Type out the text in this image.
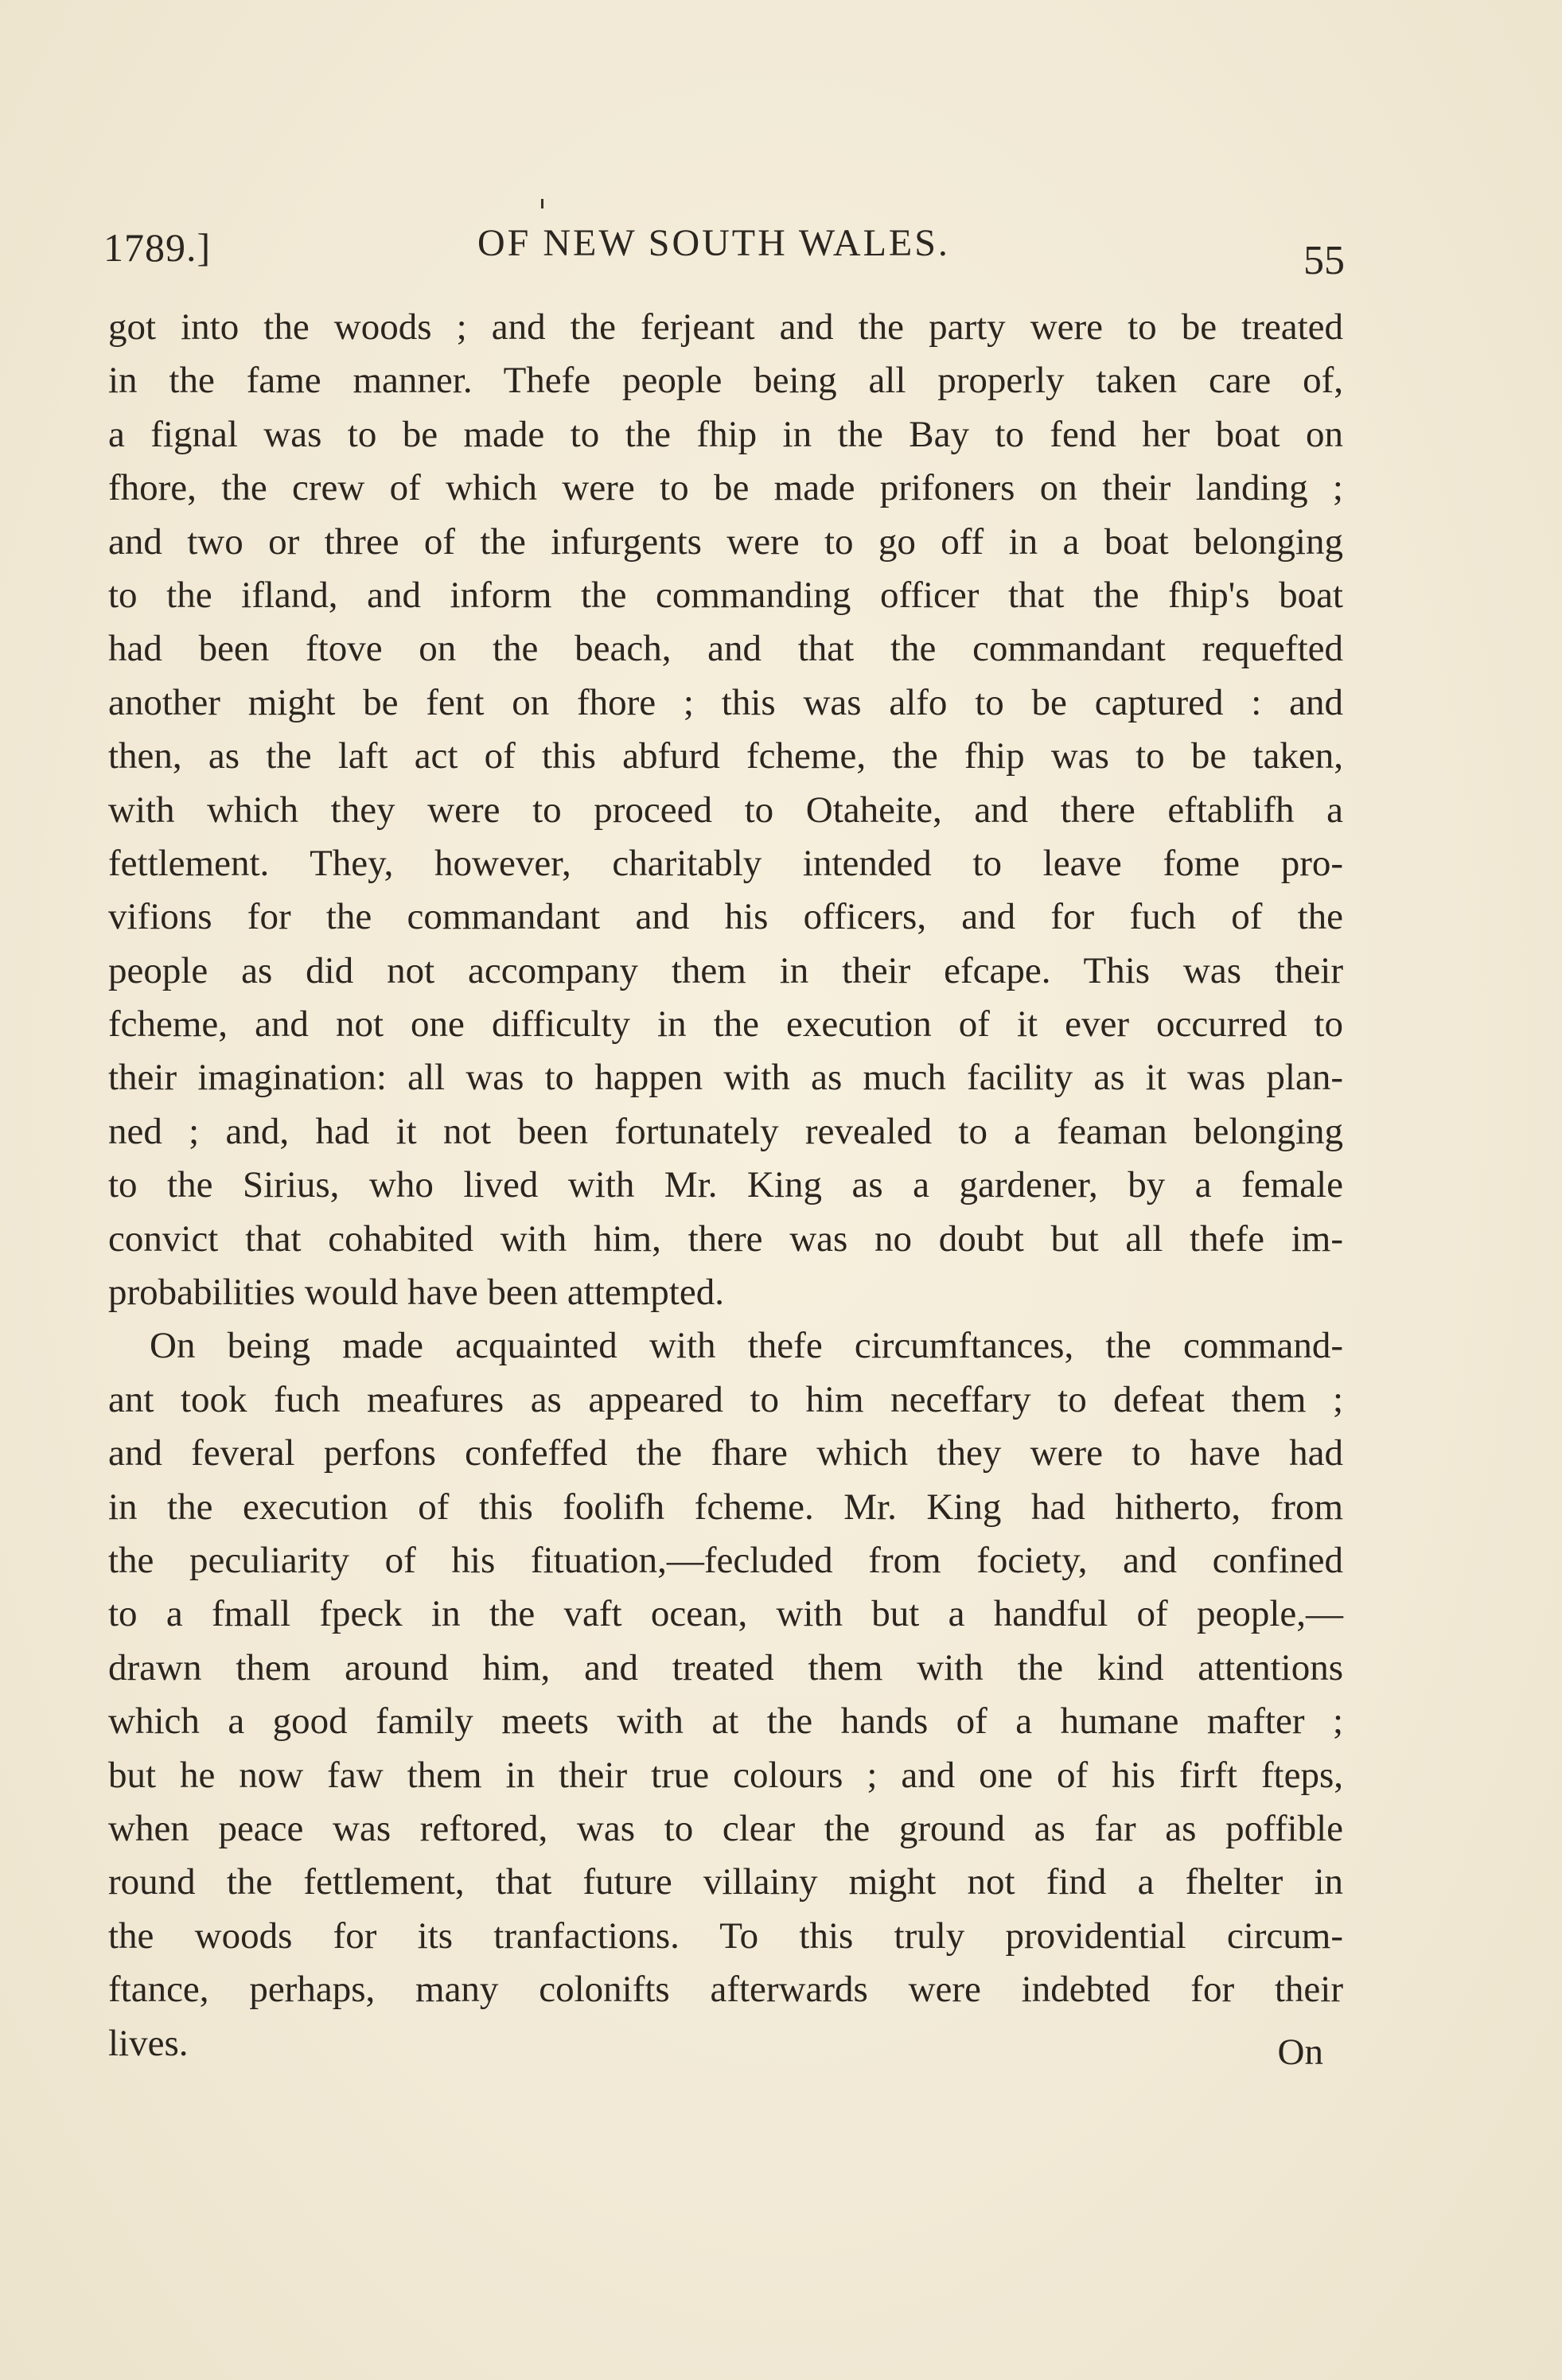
1789.]	OF NEW SOUTH WALES.	55
got into the woods ; and the ferjeant and the party were to be treated
in the fame manner. Thefe people being all properly taken care of,
a fignal was to be made to the fhip in the Bay to fend her boat on
fhore, the crew of which were to be made prifoners on their landing ;
and two or three of the infurgents were to go off in a boat belonging
to the ifland, and inform the commanding officer that the fhip's boat
had been ftove on the beach, and that the commandant requefted
another might be fent on fhore ; this was alfo to be captured : and
then, as the laft act of this abfurd fcheme, the fhip was to be taken,
with which they were to proceed to Otaheite, and there eftablifh a
fettlement. They, however, charitably intended to leave fome pro-
vifions for the commandant and his officers, and for fuch of the
people as did not accompany them in their efcape. This was their
fcheme, and not one difficulty in the execution of it ever occurred to
their imagination: all was to happen with as much facility as it was plan-
ned ; and, had it not been fortunately revealed to a feaman belonging
to the Sirius, who lived with Mr. King as a gardener, by a female
convict that cohabited with him, there was no doubt but all thefe im-
probabilities would have been attempted.
On being made acquainted with thefe circumftances, the command-
ant took fuch meafures as appeared to him neceffary to defeat them ;
and feveral perfons confeffed the fhare which they were to have had
in the execution of this foolifh fcheme. Mr. King had hitherto, from
the peculiarity of his fituation,—fecluded from fociety, and confined
to a fmall fpeck in the vaft ocean, with but a handful of people,—
drawn them around him, and treated them with the kind attentions
which a good family meets with at the hands of a humane mafter ;
but he now faw them in their true colours ; and one of his firft fteps,
when peace was reftored, was to clear the ground as far as poffible
round the fettlement, that future villainy might not find a fhelter in
the woods for its tranfactions. To this truly providential circum-
ftance, perhaps, many colonifts afterwards were indebted for their
lives.	On
